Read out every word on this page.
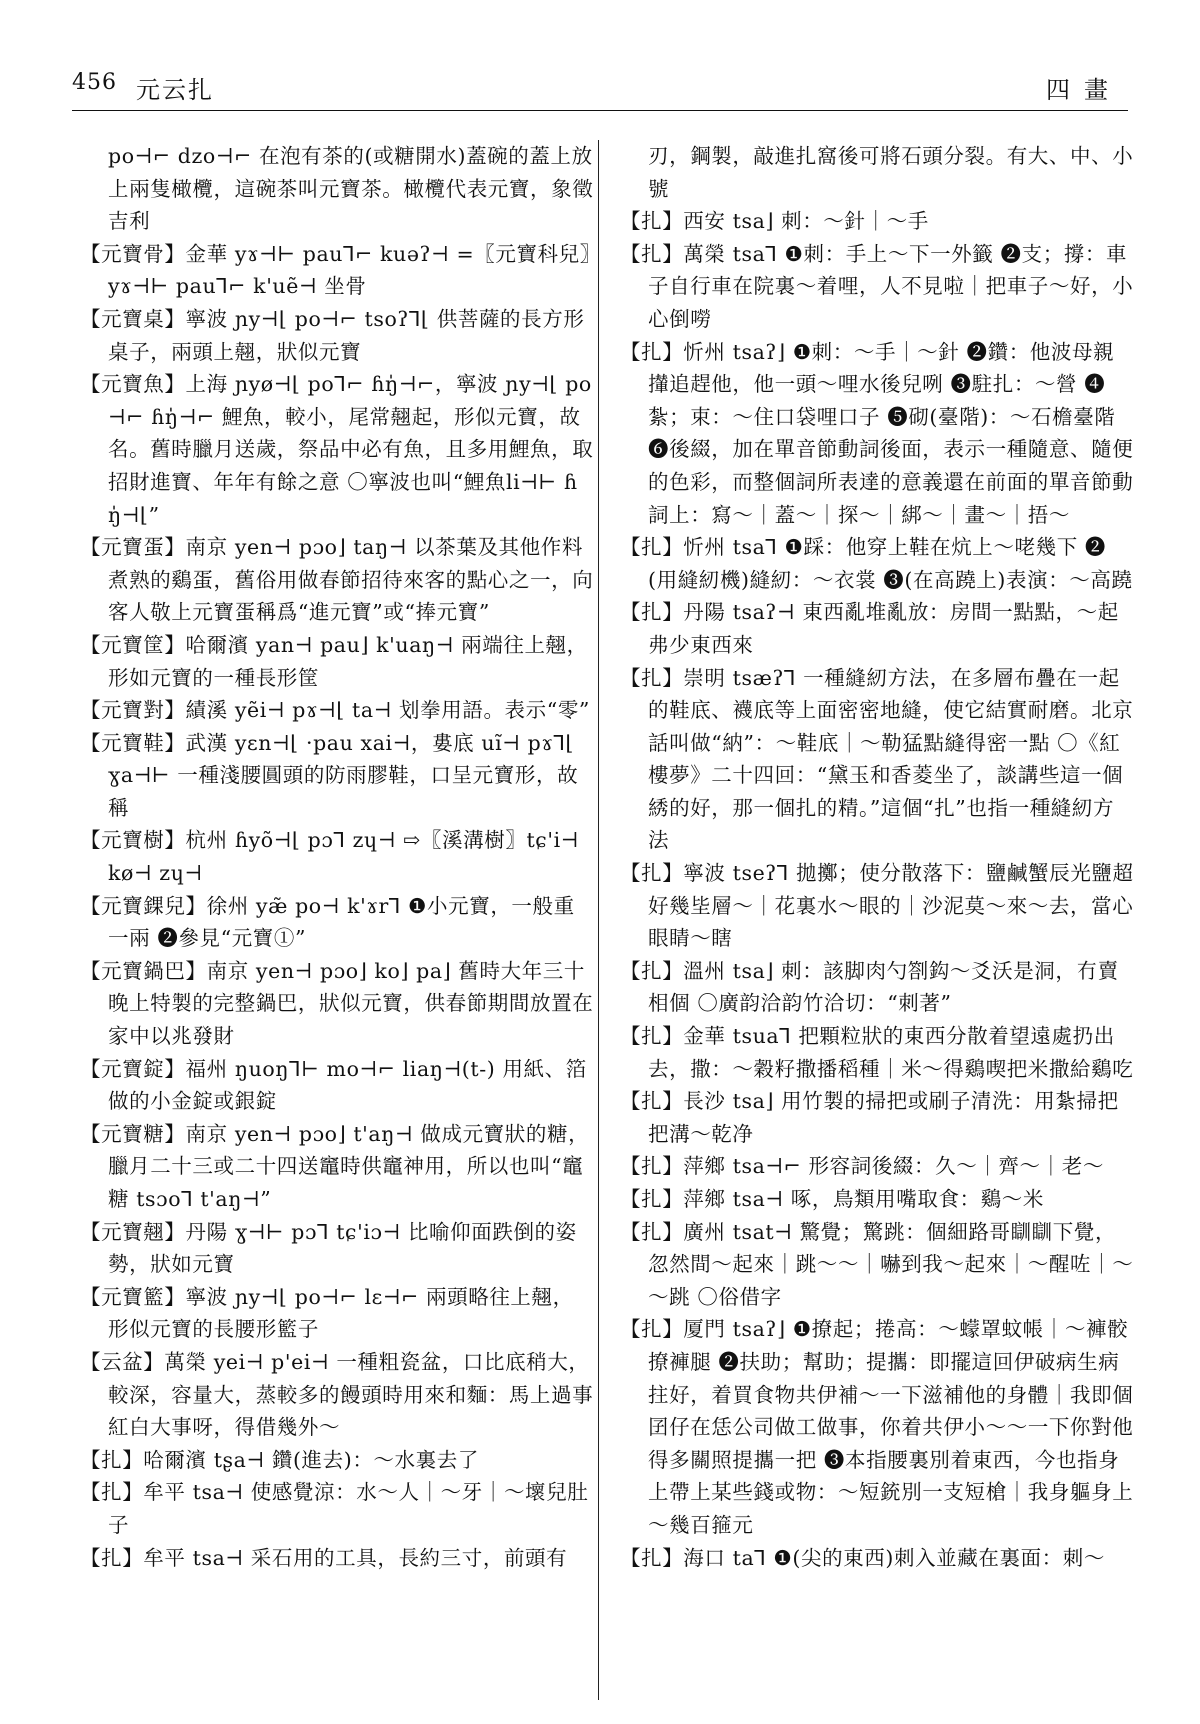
456 元云扎	四畫
po⊣⌐ dzo⊣⌐ 在泡有茶的(或糖開水)蓋碗的蓋上放上兩隻橄欖，這碗茶叫元寶茶。橄欖代表元寶，象徵吉利
【元寶骨】金華 yɤ⊣⊢ pau⅂⌐ kuəʔ⊣ =〖元寶科兒〗yɤ⊣⊢ pau⅂⌐ k'uẽ⊣ 坐骨
【元寶桌】寧波 ɲy⊣⌊ po⊣⌐ tsoʔ⅂⌊ 供菩薩的長方形桌子，兩頭上翹，狀似元寶
【元寶魚】上海 ɲyø⊣⌊ po⅂⌐ ɦŋ̍⊣⌐，寧波 ɲy⊣⌊ po⊣⌐ ɦŋ̍⊣⌐ 鯉魚，較小，尾常翹起，形似元寶，故名。舊時臘月送歲，祭品中必有魚，且多用鯉魚，取招財進寶、年年有餘之意 〇寧波也叫“鯉魚li⊣⊢ ɦŋ̍⊣⌊”
【元寶蛋】南京 yen⊣ pɔo⌋ taŋ⊣ 以茶葉及其他作料煮熟的鷄蛋，舊俗用做春節招待來客的點心之一，向客人敬上元寶蛋稱爲“進元寶”或“捧元寶”
【元寶筐】哈爾濱 yan⊣ pau⌋ k'uaŋ⊣ 兩端往上翹，形如元寶的一種長形筐
【元寶對】績溪 yẽi⊣ pɤ⊣⌊ ta⊣ 划拳用語。表示“零”
【元寶鞋】武漢 yɛn⊣⌊ ·pau xai⊣，婁底 uĩ⊣ pɤ⅂⌊ ɣa⊣⊢ 一種淺腰圓頭的防雨膠鞋，口呈元寶形，故稱
【元寶樹】杭州 ɦyõ⊣⌊ pɔ⅂ zɥ⊣ ⇨〖溪溝樹〗tɕ'i⊣ kø⊣ zɥ⊣
【元寶錁兒】徐州 yæ̃ po⊣ k'ɤr⅂ ❶小元寶，一般重一兩 ❷參見“元寶①”
【元寶鍋巴】南京 yen⊣ pɔo⌋ ko⌋ pa⌋ 舊時大年三十晚上特製的完整鍋巴，狀似元寶，供春節期間放置在家中以兆發財
【元寶錠】福州 ŋuoŋ⅂⊢ mo⊣⌐ liaŋ⊣(t-) 用紙、箔做的小金錠或銀錠
【元寶糖】南京 yen⊣ pɔo⌋ t'aŋ⊣ 做成元寶狀的糖，臘月二十三或二十四送竈時供竈神用，所以也叫“竈糖 tsɔo⅂ t'aŋ⊣”
【元寶翹】丹陽 ɣ⊣⊢ pɔ⅂ tɕ'iɔ⊣ 比喻仰面跌倒的姿勢，狀如元寶
【元寶籃】寧波 ɲy⊣⌊ po⊣⌐ lɛ⊣⌐ 兩頭略往上翹，形似元寶的長腰形籃子
【云盆】萬榮 yei⊣ p'ei⊣ 一種粗瓷盆，口比底稍大，較深，容量大，蒸較多的饅頭時用來和麵：馬上過事紅白大事呀，得借幾外～
【扎】哈爾濱 tʂa⊣ 鑽(進去)：～水裏去了
【扎】牟平 tsa⊣ 使感覺涼：水～人｜～牙｜～壞兒肚子
【扎】牟平 tsa⊣ 采石用的工具，長約三寸，前頭有
刃，鋼製，敲進扎窩後可將石頭分裂。有大、中、小號
【扎】西安 tsa⌋ 刺：～針｜～手
【扎】萬榮 tsa⅂ ❶刺：手上～下一外籤 ❷支；撐：車子自行車在院裏～着哩，人不見啦｜把車子～好，小心倒嘮
【扎】忻州 tsaʔ⌋ ❶刺：～手｜～針 ❷鑽：他波母親攆追趕他，他一頭～哩水後兒咧 ❸駐扎：～營 ❹紮；束：～住口袋哩口子 ❺砌(臺階)：～石檐臺階 ❻後綴，加在單音節動詞後面，表示一種隨意、隨便的色彩，而整個詞所表達的意義還在前面的單音節動詞上：寫～｜蓋～｜探～｜綁～｜畫～｜捂～
【扎】忻州 tsa⅂ ❶踩：他穿上鞋在炕上～咾幾下 ❷(用縫紉機)縫紉：～衣裳 ❸(在高蹺上)表演：～高蹺
【扎】丹陽 tsaʔ⊣ 東西亂堆亂放：房間一點點，～起弗少東西來
【扎】崇明 tsæʔ⅂ 一種縫紉方法，在多層布疊在一起的鞋底、襪底等上面密密地縫，使它結實耐磨。北京話叫做“納”：～鞋底｜～勒猛點縫得密一點 〇《紅樓夢》二十四回：“黛玉和香菱坐了，談講些這一個綉的好，那一個扎的精。”這個“扎”也指一種縫紉方法
【扎】寧波 tseʔ⅂ 拋擲；使分散落下：鹽鹹蟹辰光鹽超好幾坒層～｜花裏水～眼的｜沙泥莫～來～去，當心眼睛～瞎
【扎】溫州 tsa⌋ 刺：該脚肉勺劄鈎～爻沃是洞，冇賣相個 〇廣韵洽韵竹洽切：“刺著”
【扎】金華 tsua⅂ 把顆粒狀的東西分散着望遠處扔出去，撒：～穀籽撒播稻種｜米～得鷄喫把米撒給鷄吃
【扎】長沙 tsa⌋ 用竹製的掃把或刷子清洗：用紮掃把把溝～乾净
【扎】萍鄉 tsa⊣⌐ 形容詞後綴：久～｜齊～｜老～
【扎】萍鄉 tsa⊣ 啄，鳥類用嘴取食：鷄～米
【扎】廣州 tsat⊣ 驚覺；驚跳：個細路哥瞓瞓下覺，忽然間～起來｜跳～～｜嚇到我～起來｜～醒咗｜～～跳 〇俗借字
【扎】厦門 tsaʔ⌋ ❶撩起；捲高：～蠓罩蚊帳｜～褲骹撩褲腿 ❷扶助；幫助；提攜：即擺這回伊破病生病拄好，着買食物共伊補～一下滋補他的身體｜我即個囝仔在恁公司做工做事，你着共伊小～～一下你對他得多關照提攜一把 ❸本指腰裏別着東西，今也指身上帶上某些錢或物：～短銃別一支短槍｜我身軀身上～幾百箍元
【扎】海口 ta⅂ ❶(尖的東西)刺入並藏在裏面：刺～
